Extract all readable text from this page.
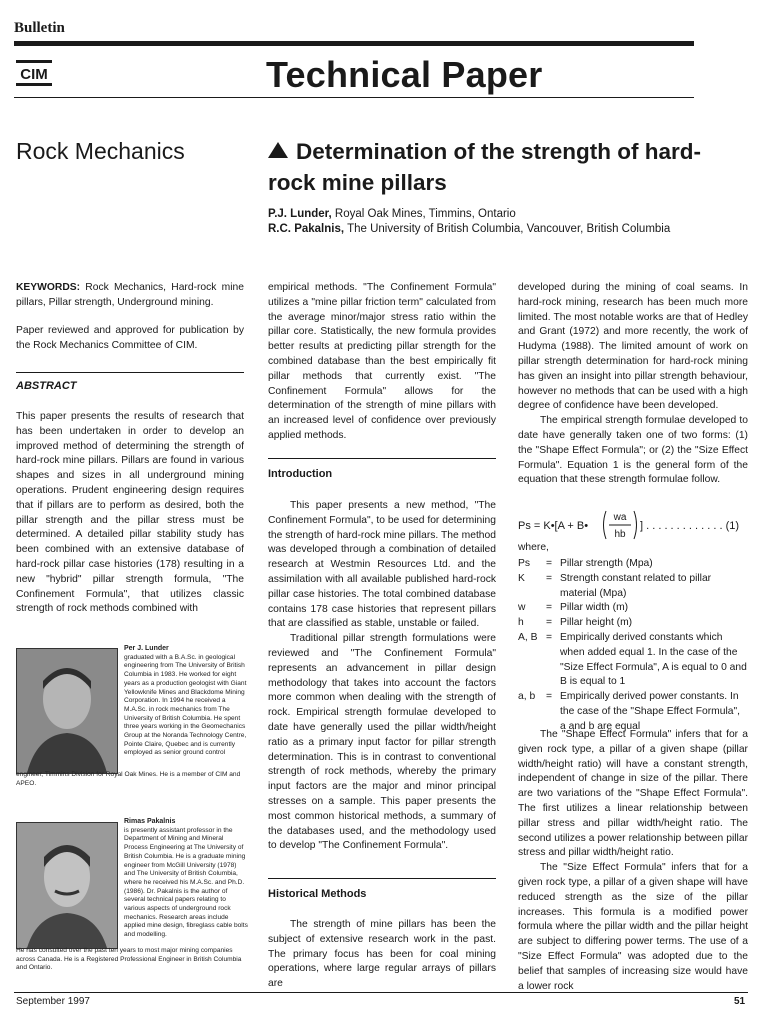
Bulletin
CIM	Technical Paper
Rock Mechanics	Determination of the strength of hard-rock mine pillars
P.J. Lunder, Royal Oak Mines, Timmins, Ontario
R.C. Pakalnis, The University of British Columbia, Vancouver, British Columbia
KEYWORDS: Rock Mechanics, Hard-rock mine pillars, Pillar strength, Underground mining.
Paper reviewed and approved for publication by the Rock Mechanics Committee of CIM.
ABSTRACT
This paper presents the results of research that has been undertaken in order to develop an improved method of determining the strength of hard-rock mine pillars. Pillars are found in various shapes and sizes in all underground mining operations. Prudent engineering design requires that if pillars are to perform as desired, both the pillar strength and the pillar stress must be determined. A detailed pillar stability study has been combined with an extensive database of hard-rock pillar case histories (178) resulting in a new "hybrid" pillar strength formula, "The Confinement Formula", that utilizes classic strength of rock methods combined with
Per J. Lunder
graduated with a B.A.Sc. in geological engineering from The University of British Columbia in 1983. He worked for eight years as a production geologist with Giant Yellowknife Mines and Blackdome Mining Corporation. In 1994 he received a M.A.Sc. in rock mechanics from The University of British Columbia. He spent three years working in the Geomechanics Group at the Noranda Technology Centre, Pointe Claire, Quebec and is currently employed as senior ground control
engineer, Timmins Division for Royal Oak Mines. He is a member of CIM and APEO.
Rimas Pakalnis
is presently assistant professor in the Department of Mining and Mineral Process Engineering at The University of British Columbia. He is a graduate mining engineer from McGill University (1978) and The University of British Columbia, where he received his M.A.Sc. and Ph.D. (1986). Dr. Pakalnis is the author of several technical papers relating to various aspects of underground rock mechanics. Research areas include applied mine design, fibreglass cable bolts and modelling.
He has consulted over the past ten years to most major mining companies across Canada. He is a Registered Professional Engineer in British Columbia and Ontario.
empirical methods. "The Confinement Formula" utilizes a "mine pillar friction term" calculated from the average minor/major stress ratio within the pillar core. Statistically, the new formula provides better results at predicting pillar strength for the combined database than the best empirically fit pillar methods that currently exist. "The Confinement Formula" allows for the determination of the strength of mine pillars with an increased level of confidence over previously applied methods.
Introduction

This paper presents a new method, "The Confinement Formula", to be used for determining the strength of hard-rock mine pillars. The method was developed through a combination of detailed research at Westmin Resources Ltd. and the assimilation with all available published hard-rock pillar case histories. The total combined database contains 178 case histories that represent pillars that are classified as stable, unstable or failed.

Traditional pillar strength formulations were reviewed and "The Confinement Formula" represents an advancement in pillar design methodology that takes into account the factors more common when dealing with the strength of rock. Empirical strength formulae developed to date have generally used the pillar width/height ratio as a primary input factor for pillar strength determination. This is in contrast to conventional strength of rock methods, whereby the primary input factors are the major and minor principal stresses on a sample. This paper presents the most common historical methods, a summary of the databases used, and the methodology used to develop "The Confinement Formula".

Historical Methods

The strength of mine pillars has been the subject of extensive research work in the past. The primary focus has been for coal mining operations, where large regular arrays of pillars are

developed during the mining of coal seams. In hard-rock mining, research has been much more limited. The most notable works are that of Hedley and Grant (1972) and more recently, the work of Hudyma (1988). The limited amount of work on pillar strength determination for hard-rock mining has given an insight into pillar strength behaviour, however no methods that can be used with a high degree of confidence have been developed.

The empirical strength formulae developed to date have generally taken one of two forms: (1) the "Shape Effect Formula"; or (2) the "Size Effect Formula". Equation 1 is the general form of the equation that these strength formulae follow.

Ps = K•[A + B•
wa
hb
] . . . . . . . . . . . . . (1)
where,
Ps	= Pillar strength (Mpa)
K	= Strength constant related to pillar material (Mpa)
w	= Pillar width (m)
h	= Pillar height (m)
A, B = Empirically derived constants which when added equal 1. In the case of the "Size Effect Formula", A is equal to 0 and B is equal to 1
a, b	= Empirically derived power constants. In the case of the "Shape Effect Formula", a and b are equal

The "Shape Effect Formula" infers that for a given rock type, a pillar of a given shape (pillar width/height ratio) will have a constant strength, independent of change in size of the pillar. There are two variations of the "Shape Effect Formula". The first utilizes a linear relationship between pillar stress and pillar width/height ratio. The second utilizes a power relationship between pillar stress and pillar width/height ratio.

The "Size Effect Formula" infers that for a given rock type, a pillar of a given shape will have reduced strength as the size of the pillar increases. This formula is a modified power formula where the pillar width and the pillar height are subject to differing power terms. The use of a "Size Effect Formula" was adopted due to the belief that samples of increasing size would have a lower rock

September 1997	51
